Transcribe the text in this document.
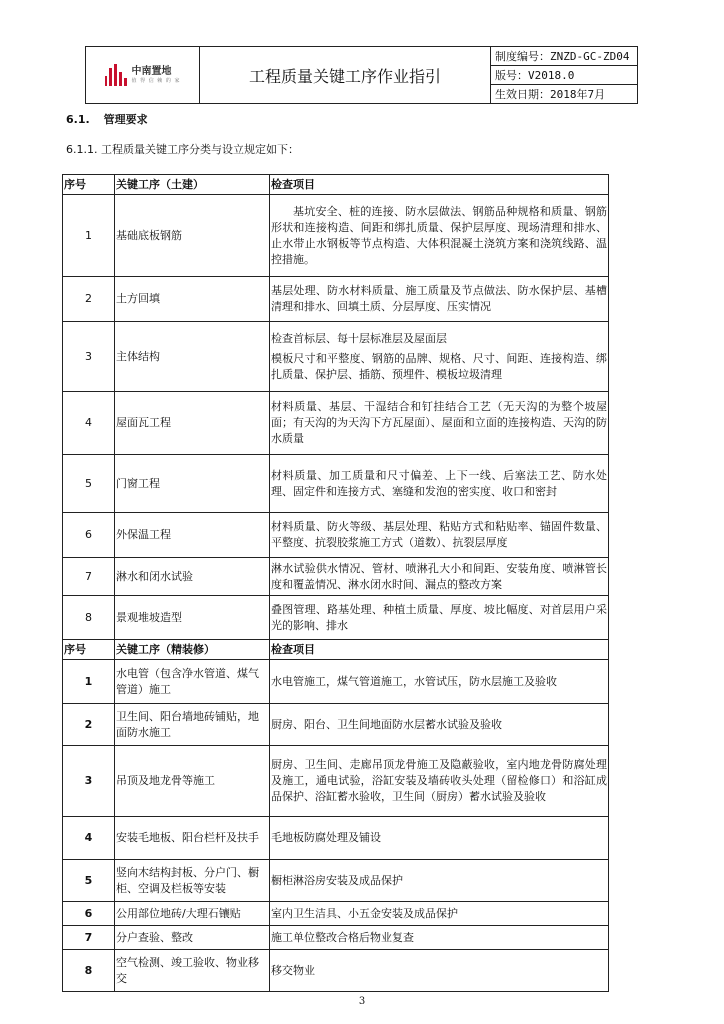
中南置地
值 得 信 赖 的 家	工程质量关键工序作业指引
制度编号：ZNZD-GC-ZD04
版号：V2018.0
生效日期：2018年7月
6.1. 管理要求
6.1.1. 工程质量关键工序分类与设立规定如下：
序号	关键工序（土建）	检查项目
1	基础底板钢筋	基坑安全、桩的连接、防水层做法、钢筋品种规格和质量、钢筋形状和连接构造、间距和绑扎质量、保护层厚度、现场清理和排水、止水带止水钢板等节点构造、大体积混凝土浇筑方案和浇筑线路、温控措施。
2	土方回填	基层处理、防水材料质量、施工质量及节点做法、防水保护层、基槽清理和排水、回填土质、分层厚度、压实情况
3	主体结构	检查首标层、每十层标准层及屋面层
模板尺寸和平整度、钢筋的品牌、规格、尺寸、间距、连接构造、绑扎质量、保护层、插筋、预埋件、模板垃圾清理

4	屋面瓦工程	材料质量、基层、干湿结合和钉挂结合工艺（无天沟的为整个坡屋面；有天沟的为天沟下方瓦屋面）、屋面和立面的连接构造、天沟的防水质量
5	门窗工程	材料质量、加工质量和尺寸偏差、上下一线、后塞法工艺、防水处理、固定件和连接方式、塞缝和发泡的密实度、收口和密封
6	外保温工程	材料质量、防火等级、基层处理、粘贴方式和粘贴率、锚固件数量、平整度、抗裂胶浆施工方式（道数）、抗裂层厚度
7	淋水和闭水试验	淋水试验供水情况、管材、喷淋孔大小和间距、安装角度、喷淋管长度和覆盖情况、淋水闭水时间、漏点的整改方案
8	景观堆坡造型	叠图管理、路基处理、种植土质量、厚度、坡比幅度、对首层用户采光的影响、排水
序号	关键工序（精装修）	检查项目
1	水电管（包含净水管道、煤气管道）施工	水电管施工，煤气管道施工，水管试压，防水层施工及验收
2	卫生间、阳台墙地砖铺贴，地面防水施工	厨房、阳台、卫生间地面防水层蓄水试验及验收
3	吊顶及地龙骨等施工	厨房、卫生间、走廊吊顶龙骨施工及隐蔽验收，室内地龙骨防腐处理及施工，通电试验，浴缸安装及墙砖收头处理（留检修口）和浴缸成品保护、浴缸蓄水验收，卫生间（厨房）蓄水试验及验收
4	安装毛地板、阳台栏杆及扶手	毛地板防腐处理及铺设
5	竖向木结构封板、分户门、橱柜、空调及栏板等安装	橱柜淋浴房安装及成品保护
6	公用部位地砖/大理石镶贴	室内卫生洁具、小五金安装及成品保护
7	分户查验、整改	施工单位整改合格后物业复查
8	空气检测、竣工验收、物业移交	移交物业
3
